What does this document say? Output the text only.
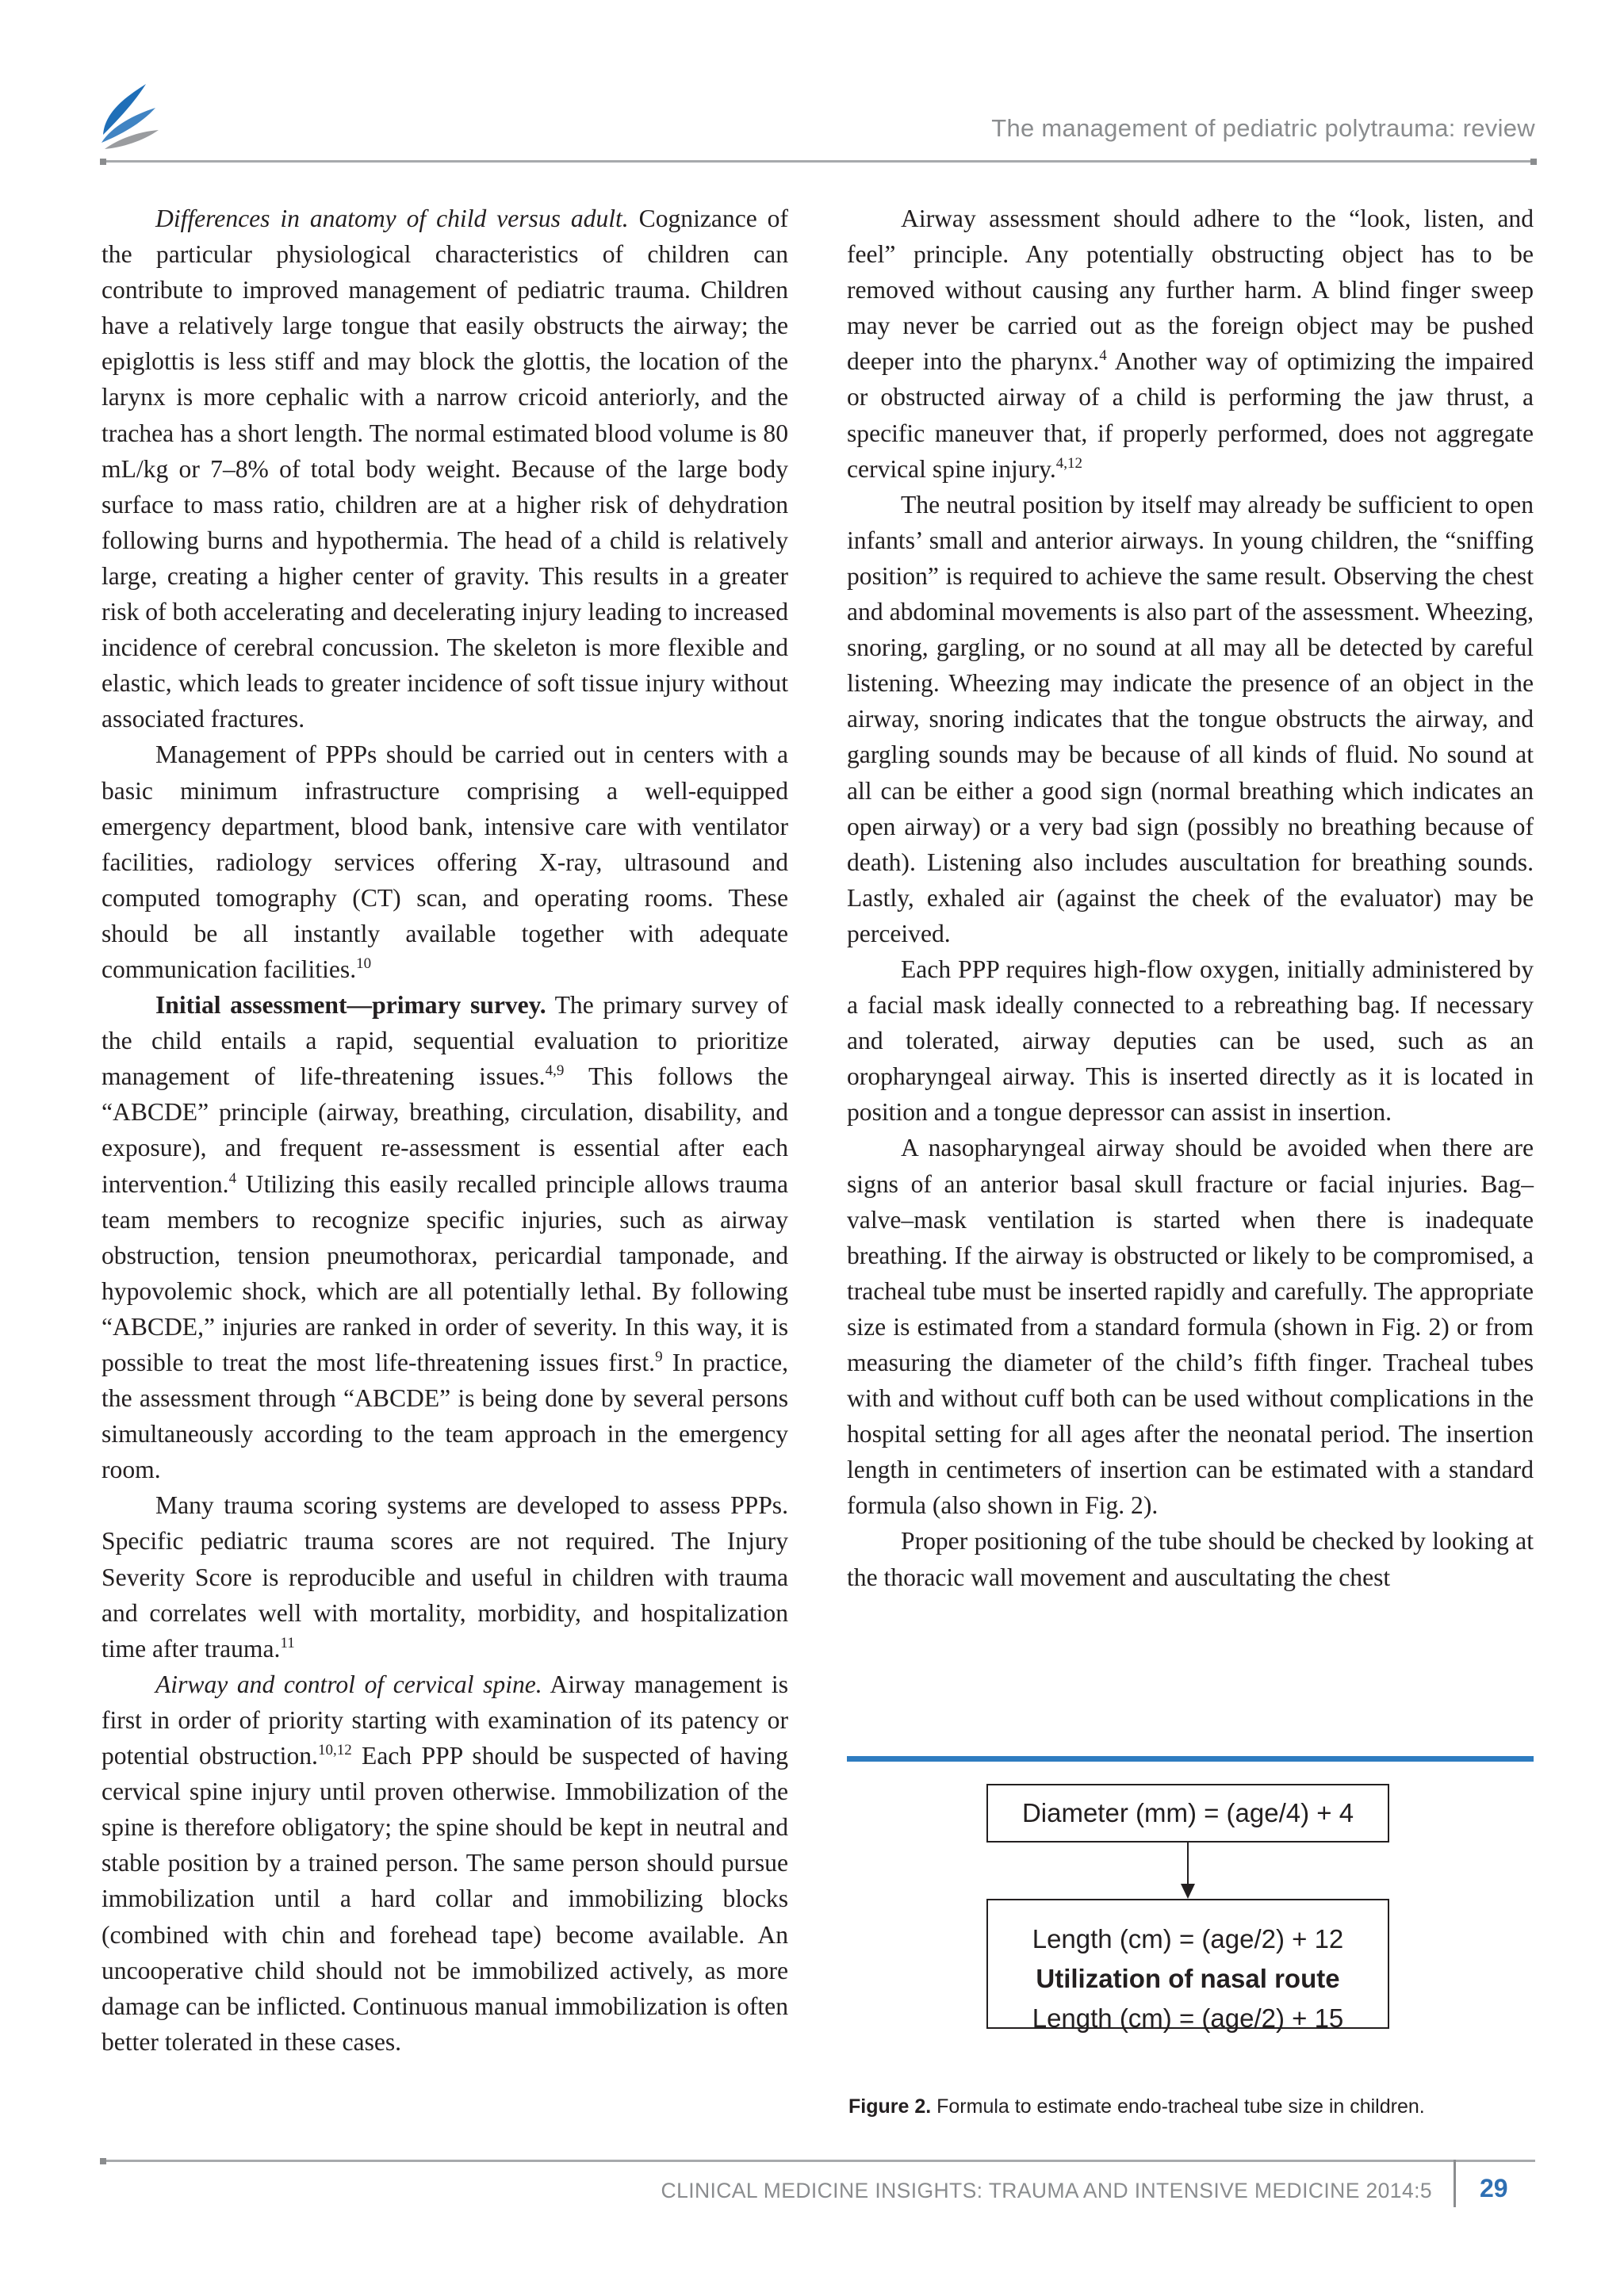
The management of pediatric polytrauma: review

Differences in anatomy of child versus adult. Cognizance of the particular physiological characteristics of children can contribute to improved management of pediatric trauma. Children have a relatively large tongue that easily obstructs the airway; the epiglottis is less stiff and may block the glottis, the location of the larynx is more cephalic with a narrow cricoid anteriorly, and the trachea has a short length. The normal estimated blood volume is 80 mL/kg or 7–8% of total body weight. Because of the large body surface to mass ratio, children are at a higher risk of dehydration following burns and hypothermia. The head of a child is relatively large, creating a higher center of gravity. This results in a greater risk of both accelerating and decelerating injury leading to increased incidence of cerebral concussion. The skeleton is more flexible and elastic, which leads to greater incidence of soft tissue injury without associated fractures.

Management of PPPs should be carried out in centers with a basic minimum infrastructure comprising a well-equipped emergency department, blood bank, intensive care with ventilator facilities, radiology services offering X-ray, ultrasound and computed tomography (CT) scan, and operating rooms. These should be all instantly available together with adequate communication facilities.$^{10}$

Initial assessment—primary survey. The primary survey of the child entails a rapid, sequential evaluation to prioritize management of life-threatening issues.$^{4,9}$ This follows the “ABCDE” principle (airway, breathing, circulation, disability, and exposure), and frequent re-assessment is essential after each intervention.$^4$ Utilizing this easily recalled principle allows trauma team members to recognize specific injuries, such as airway obstruction, tension pneumothorax, pericardial tamponade, and hypovolemic shock, which are all potentially lethal. By following “ABCDE,” injuries are ranked in order of severity. In this way, it is possible to treat the most life-threatening issues first.$^9$ In practice, the assessment through “ABCDE” is being done by several persons simultaneously according to the team approach in the emergency room.

Many trauma scoring systems are developed to assess PPPs. Specific pediatric trauma scores are not required. The Injury Severity Score is reproducible and useful in children with trauma and correlates well with mortality, morbidity, and hospitalization time after trauma.$^{11}$

Airway and control of cervical spine. Airway management is first in order of priority starting with examination of its patency or potential obstruction.$^{10,12}$ Each PPP should be suspected of having cervical spine injury until proven otherwise. Immobilization of the spine is therefore obligatory; the spine should be kept in neutral and stable position by a trained person. The same person should pursue immobilization until a hard collar and immobilizing blocks (combined with chin and forehead tape) become available. An uncooperative child should not be immobilized actively, as more damage can be inflicted. Continuous manual immobilization is often better tolerated in these cases.

Airway assessment should adhere to the “look, listen, and feel” principle. Any potentially obstructing object has to be removed without causing any further harm. A blind finger sweep may never be carried out as the foreign object may be pushed deeper into the pharynx.$^4$ Another way of optimizing the impaired or obstructed airway of a child is performing the jaw thrust, a specific maneuver that, if properly performed, does not aggregate cervical spine injury.$^{4,12}$

The neutral position by itself may already be sufficient to open infants’ small and anterior airways. In young children, the “sniffing position” is required to achieve the same result. Observing the chest and abdominal movements is also part of the assessment. Wheezing, snoring, gargling, or no sound at all may all be detected by careful listening. Wheezing may indicate the presence of an object in the airway, snoring indicates that the tongue obstructs the airway, and gargling sounds may be because of all kinds of fluid. No sound at all can be either a good sign (normal breathing which indicates an open airway) or a very bad sign (possibly no breathing because of death). Listening also includes auscultation for breathing sounds. Lastly, exhaled air (against the cheek of the evaluator) may be perceived.

Each PPP requires high-flow oxygen, initially administered by a facial mask ideally connected to a rebreathing bag. If necessary and tolerated, airway deputies can be used, such as an oropharyngeal airway. This is inserted directly as it is located in position and a tongue depressor can assist in insertion.

A nasopharyngeal airway should be avoided when there are signs of an anterior basal skull fracture or facial injuries. Bag–valve–mask ventilation is started when there is inadequate breathing. If the airway is obstructed or likely to be compromised, a tracheal tube must be inserted rapidly and carefully. The appropriate size is estimated from a standard formula (shown in Fig. 2) or from measuring the diameter of the child’s fifth finger. Tracheal tubes with and without cuff both can be used without complications in the hospital setting for all ages after the neonatal period. The insertion length in centimeters of insertion can be estimated with a standard formula (also shown in Fig. 2).

Proper positioning of the tube should be checked by looking at the thoracic wall movement and auscultating the chest

Diameter (mm) = (age/4) + 4
Length (cm) = (age/2) + 12
Utilization of nasal route
Length (cm) = (age/2) + 15
Figure 2. Formula to estimate endo-tracheal tube size in children.
CLINICAL MEDICINE INSIGHTS: TRAUMA AND INTENSIVE MEDICINE 2014:5 29
